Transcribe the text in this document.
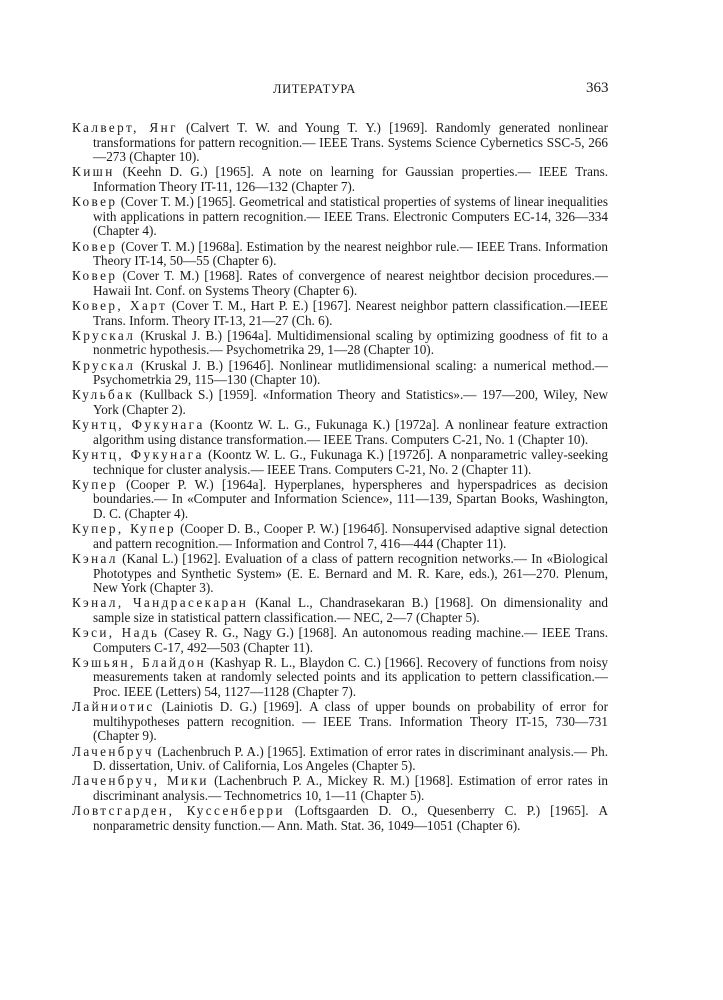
ЛИТЕРАТУРА	363
Калверт, Янг (Calvert T. W. and Young T. Y.) [1969]. Randomly generated nonlinear transformations for pattern recognition.— IEEE Trans. Systems Science Cybernetics SSC-5, 266—273 (Chapter 10).
Кишн (Keehn D. G.) [1965]. A note on learning for Gaussian properties.— IEEE Trans. Information Theory IT-11, 126—132 (Chapter 7).
Ковер (Cover T. M.) [1965]. Geometrical and statistical properties of systems of linear inequalities with applications in pattern recognition.— IEEE Trans. Electronic Computers EC-14, 326—334 (Chapter 4).
Ковер (Cover T. M.) [1968a]. Estimation by the nearest neighbor rule.— IEEE Trans. Information Theory IT-14, 50—55 (Chapter 6).
Ковер (Cover T. M.) [1968]. Rates of convergence of nearest neightbor decision procedures.— Hawaii Int. Conf. on Systems Theory (Chapter 6).
Ковер, Харт (Cover T. M., Hart P. E.) [1967]. Nearest neighbor pattern classification.—IEEE Trans. Inform. Theory IT-13, 21—27 (Ch. 6).
Крускал (Kruskal J. B.) [1964a]. Multidimensional scaling by optimizing goodness of fit to a nonmetric hypothesis.— Psychometrika 29, 1—28 (Chapter 10).
Крускал (Kruskal J. B.) [1964б]. Nonlinear mutlidimensional scaling: a numerical method.— Psychometrkia 29, 115—130 (Chapter 10).
Кульбак (Kullback S.) [1959]. «Information Theory and Statistics».— 197—200, Wiley, New York (Chapter 2).
Кунтц, Фукунага (Koontz W. L. G., Fukunaga K.) [1972a]. A nonlinear feature extraction algorithm using distance transformation.— IEEE Trans. Computers C-21, No. 1 (Chapter 10).
Кунтц, Фукунага (Koontz W. L. G., Fukunaga K.) [1972б]. A nonparametric valley-seeking technique for cluster analysis.— IEEE Trans. Computers C-21, No. 2 (Chapter 11).
Купер (Cooper P. W.) [1964a]. Hyperplanes, hyperspheres and hyperspadrices as decision boundaries.— In «Computer and Information Science», 111—139, Spartan Books, Washington, D. C. (Chapter 4).
Купер, Купер (Cooper D. B., Cooper P. W.) [1964б]. Nonsupervised adaptive signal detection and pattern recognition.— Information and Control 7, 416—444 (Chapter 11).
Кэнал (Kanal L.) [1962]. Evaluation of a class of pattern recognition networks.— In «Biological Phototypes and Synthetic System» (E. E. Bernard and M. R. Kare, eds.), 261—270. Plenum, New York (Chapter 3).
Кэнал, Чандрасекаран (Kanal L., Chandrasekaran B.) [1968]. On dimensionality and sample size in statistical pattern classification.— NEC, 2—7 (Chapter 5).
Кэси, Надь (Casey R. G., Nagy G.) [1968]. An autonomous reading machine.— IEEE Trans. Computers C-17, 492—503 (Chapter 11).
Кэшьян, Блайдон (Kashyap R. L., Blaydon C. C.) [1966]. Recovery of functions from noisy measurements taken at randomly selected points and its application to pettern classification.— Proc. IEEE (Letters) 54, 1127—1128 (Chapter 7).
Лайниотис (Lainiotis D. G.) [1969]. A class of upper bounds on probability of error for multihypotheses pattern recognition. — IEEE Trans. Information Theory IT-15, 730—731 (Chapter 9).
Лаченбруч (Lachenbruch P. A.) [1965]. Extimation of error rates in discriminant analysis.— Ph. D. dissertation, Univ. of California, Los Angeles (Chapter 5).
Лаченбруч, Мики (Lachenbruch P. A., Mickey R. M.) [1968]. Estimation of error rates in discriminant analysis.— Technometrics 10, 1—11 (Chapter 5).
Ловтсгарден, Куссенберри (Loftsgaarden D. O., Quesenberry C. P.) [1965]. A nonparametric density function.— Ann. Math. Stat. 36, 1049—1051 (Chapter 6).
